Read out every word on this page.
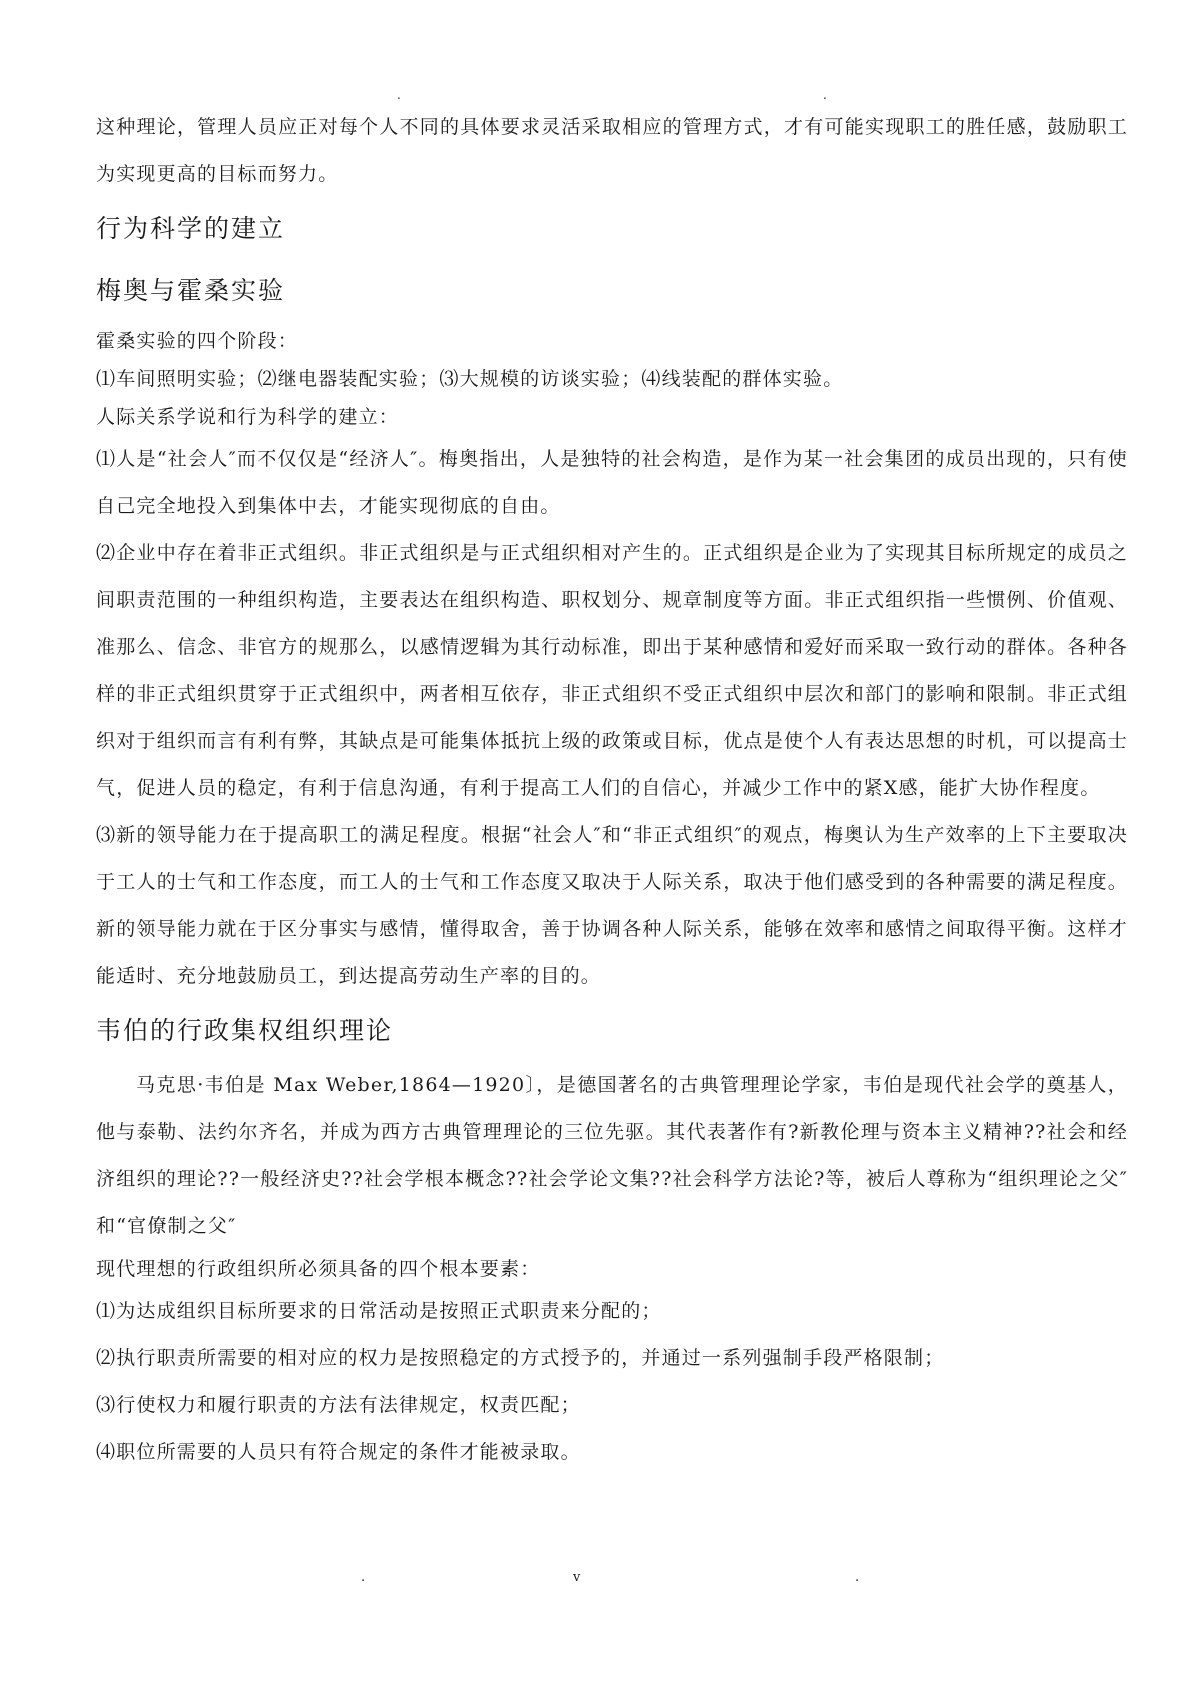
.	.

这种理论，管理人员应正对每个人不同的具体要求灵活采取相应的管理方式，才有可能实现职工的胜任感，鼓励职工为实现更高的目标而努力。

行为科学的建立
梅奥与霍桑实验

霍桑实验的四个阶段：

⑴车间照明实验；⑵继电器装配实验；⑶大规模的访谈实验；⑷线装配的群体实验。

人际关系学说和行为科学的建立：

⑴人是“社会人″而不仅仅是“经济人″。梅奥指出，人是独特的社会构造，是作为某一社会集团的成员出现的，只有使自己完全地投入到集体中去，才能实现彻底的自由。

⑵企业中存在着非正式组织。非正式组织是与正式组织相对产生的。正式组织是企业为了实现其目标所规定的成员之间职责范围的一种组织构造，主要表达在组织构造、职权划分、规章制度等方面。非正式组织指一些惯例、价值观、准那么、信念、非官方的规那么，以感情逻辑为其行动标准，即出于某种感情和爱好而采取一致行动的群体。各种各样的非正式组织贯穿于正式组织中，两者相互依存，非正式组织不受正式组织中层次和部门的影响和限制。非正式组织对于组织而言有利有弊，其缺点是可能集体抵抗上级的政策或目标，优点是使个人有表达思想的时机，可以提高士气，促进人员的稳定，有利于信息沟通，有利于提高工人们的自信心，并减少工作中的紧X感，能扩大协作程度。

⑶新的领导能力在于提高职工的满足程度。根据“社会人″和“非正式组织″的观点，梅奥认为生产效率的上下主要取决于工人的士气和工作态度，而工人的士气和工作态度又取决于人际关系，取决于他们感受到的各种需要的满足程度。新的领导能力就在于区分事实与感情，懂得取舍，善于协调各种人际关系，能够在效率和感情之间取得平衡。这样才能适时、充分地鼓励员工，到达提高劳动生产率的目的。

韦伯的行政集权组织理论

马克思·韦伯是 Max Weber,1864—1920〕，是德国著名的古典管理理论学家，韦伯是现代社会学的奠基人，他与泰勒、法约尔齐名，并成为西方古典管理理论的三位先驱。其代表著作有?新教伦理与资本主义精神??社会和经济组织的理论??一般经济史??社会学根本概念??社会学论文集??社会科学方法论?等，被后人尊称为“组织理论之父″和“官僚制之父″

现代理想的行政组织所必须具备的四个根本要素：

⑴为达成组织目标所要求的日常活动是按照正式职责来分配的；

⑵执行职责所需要的相对应的权力是按照稳定的方式授予的，并通过一系列强制手段严格限制；

⑶行使权力和履行职责的方法有法律规定，权责匹配；

⑷职位所需要的人员只有符合规定的条件才能被录取。

.	v	.
